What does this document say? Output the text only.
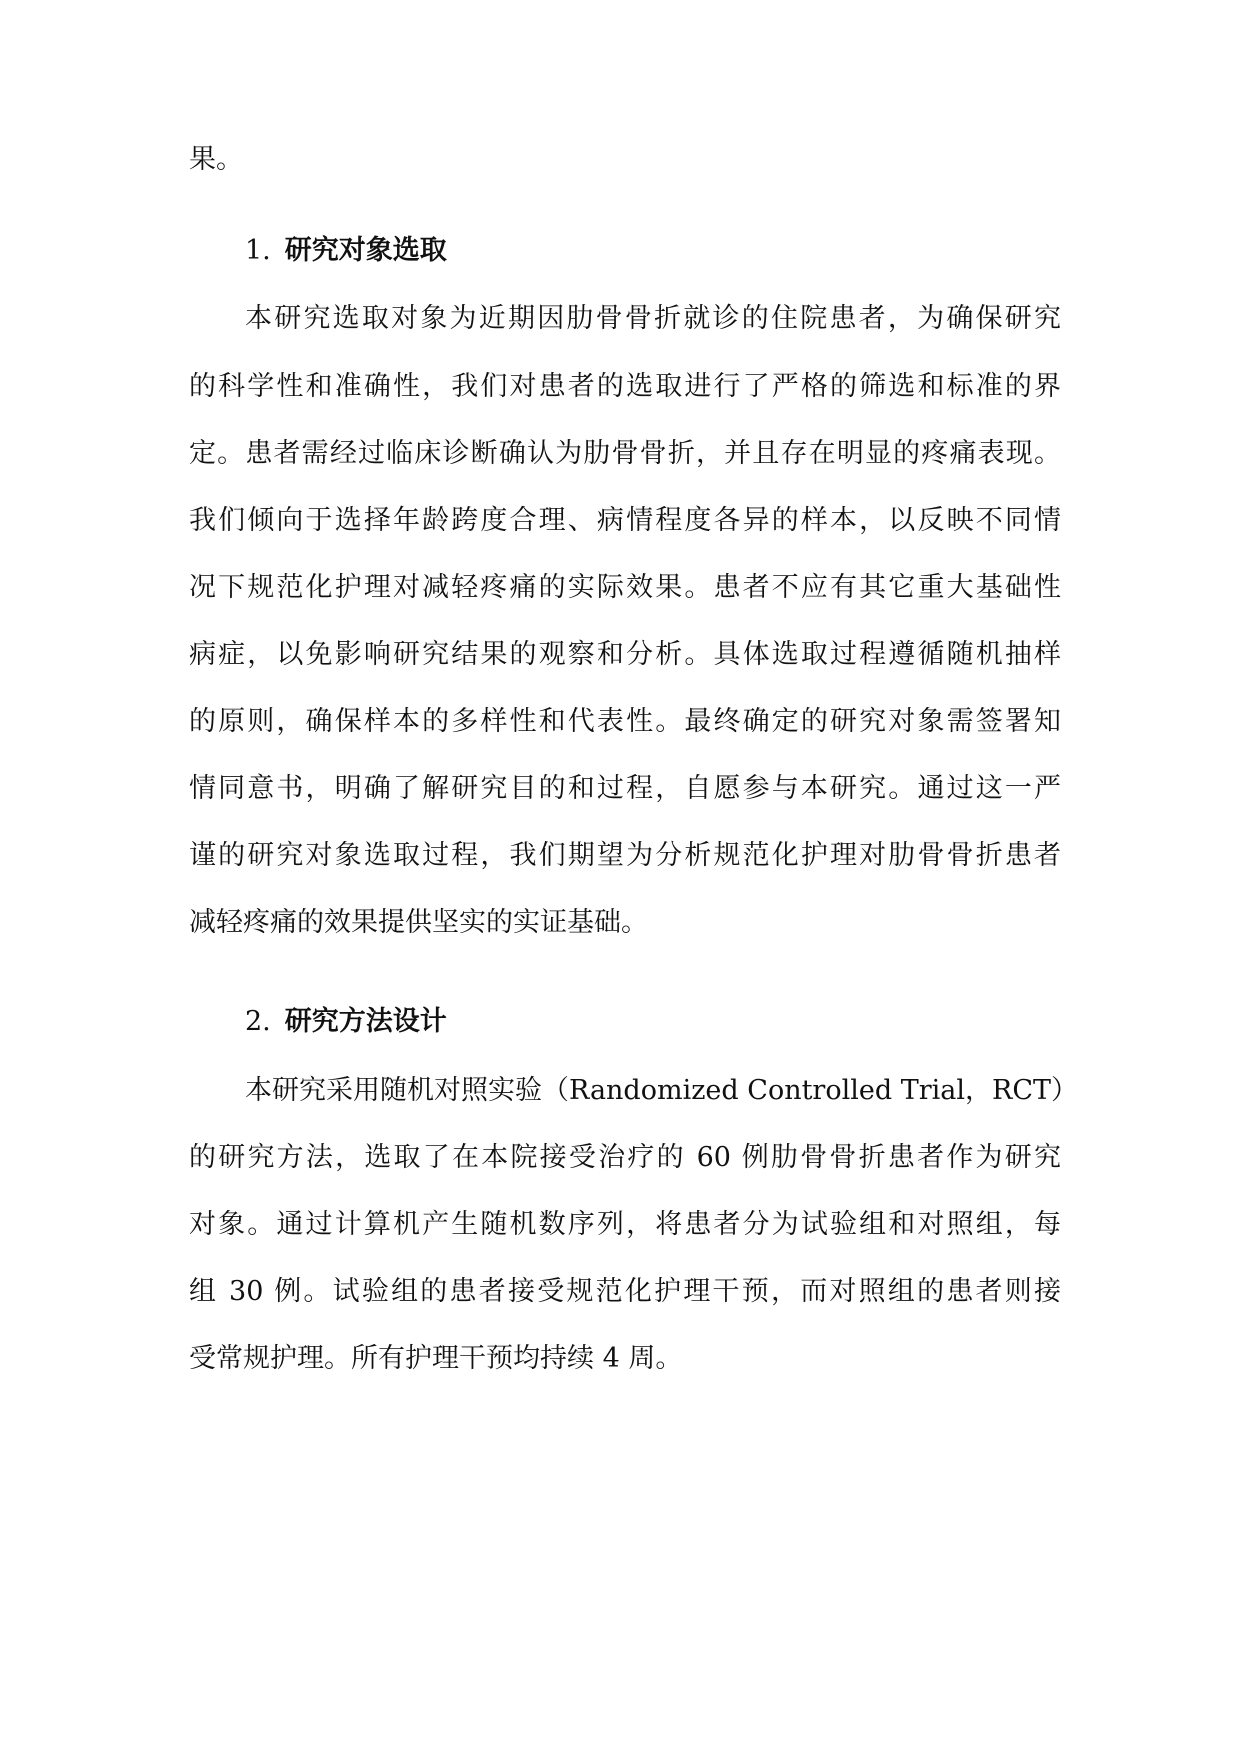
果。
1. 研究对象选取
本研究选取对象为近期因肋骨骨折就诊的住院患者，为确保研究
的科学性和准确性，我们对患者的选取进行了严格的筛选和标准的界
定。患者需经过临床诊断确认为肋骨骨折，并且存在明显的疼痛表现。
我们倾向于选择年龄跨度合理、病情程度各异的样本，以反映不同情
况下规范化护理对减轻疼痛的实际效果。患者不应有其它重大基础性
病症，以免影响研究结果的观察和分析。具体选取过程遵循随机抽样
的原则，确保样本的多样性和代表性。最终确定的研究对象需签署知
情同意书，明确了解研究目的和过程，自愿参与本研究。通过这一严
谨的研究对象选取过程，我们期望为分析规范化护理对肋骨骨折患者
减轻疼痛的效果提供坚实的实证基础。
2. 研究方法设计
本研究采用随机对照实验（Randomized Controlled Trial，RCT）
的研究方法，选取了在本院接受治疗的 60 例肋骨骨折患者作为研究
对象。通过计算机产生随机数序列，将患者分为试验组和对照组，每
组 30 例。试验组的患者接受规范化护理干预，而对照组的患者则接
受常规护理。所有护理干预均持续 4 周。
